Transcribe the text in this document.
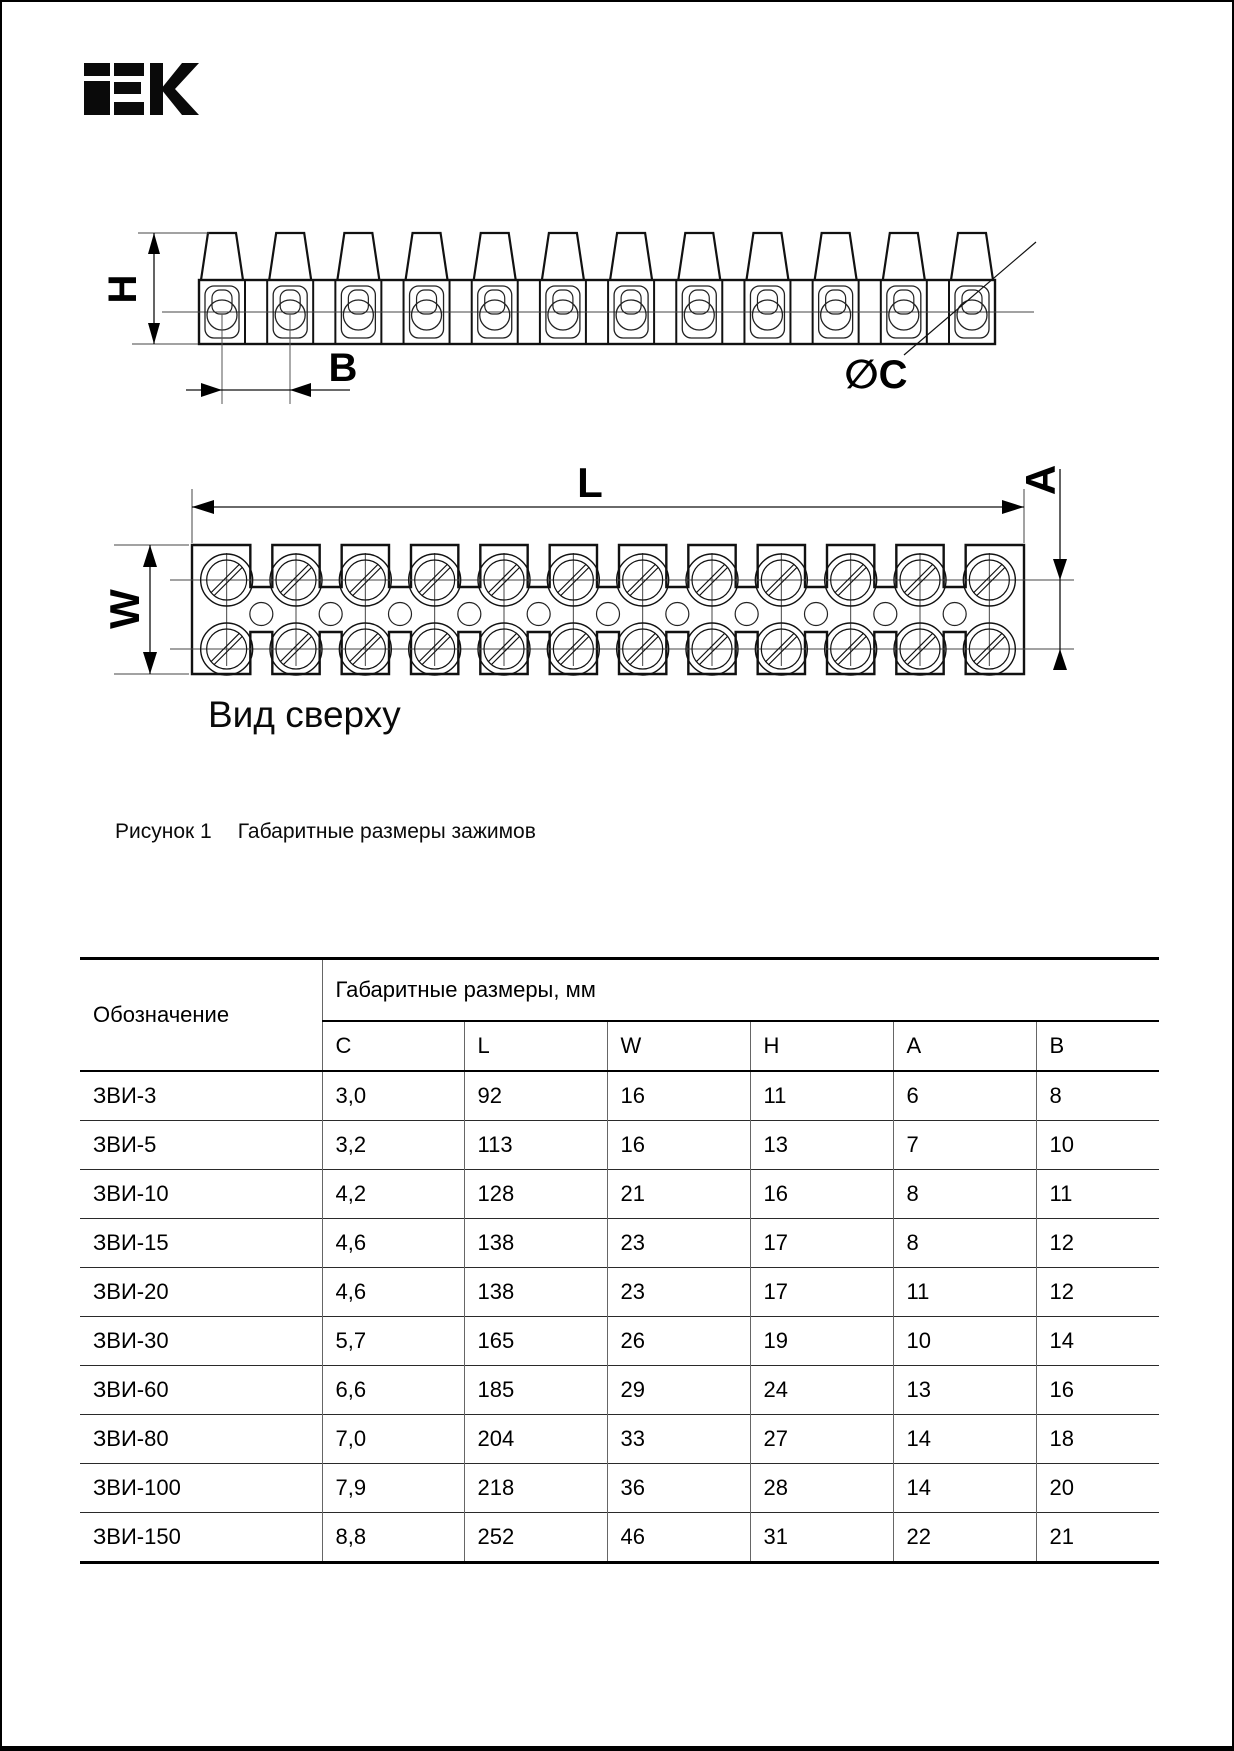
H
B	∅C
L
W
A
Вид сверху
Рисунок 1 Габаритные размеры зажимов
Обозначение	Габаритные размеры, мм					
	C	L	W	H	A	B
ЗВИ-3	3,0	92	16	11	6	8
ЗВИ-5	3,2	113	16	13	7	10
ЗВИ-10	4,2	128	21	16	8	11
ЗВИ-15	4,6	138	23	17	8	12
ЗВИ-20	4,6	138	23	17	11	12
ЗВИ-30	5,7	165	26	19	10	14
ЗВИ-60	6,6	185	29	24	13	16
ЗВИ-80	7,0	204	33	27	14	18
ЗВИ-100	7,9	218	36	28	14	20
ЗВИ-150	8,8	252	46	31	22	21
